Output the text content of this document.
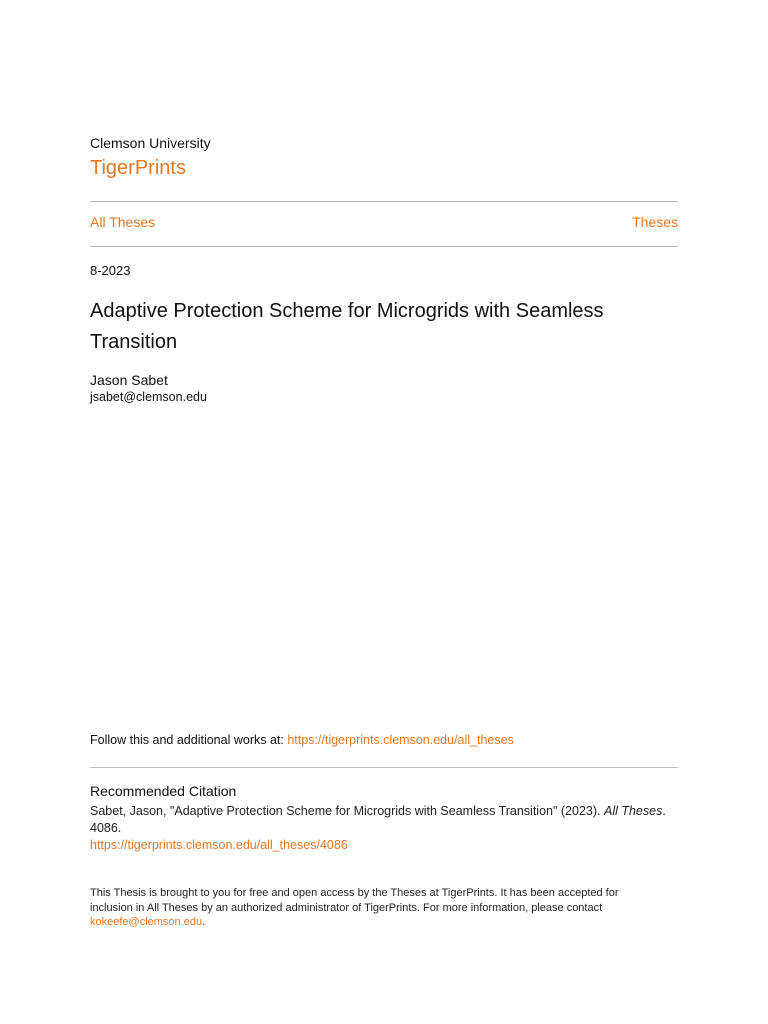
Clemson University
TigerPrints
All Theses	Theses
8-2023
Adaptive Protection Scheme for Microgrids with Seamless Transition
Jason Sabet
jsabet@clemson.edu
Follow this and additional works at: https://tigerprints.clemson.edu/all_theses
Recommended Citation
Sabet, Jason, "Adaptive Protection Scheme for Microgrids with Seamless Transition" (2023). All Theses. 4086.
https://tigerprints.clemson.edu/all_theses/4086
This Thesis is brought to you for free and open access by the Theses at TigerPrints. It has been accepted for inclusion in All Theses by an authorized administrator of TigerPrints. For more information, please contact kokeefe@clemson.edu.
